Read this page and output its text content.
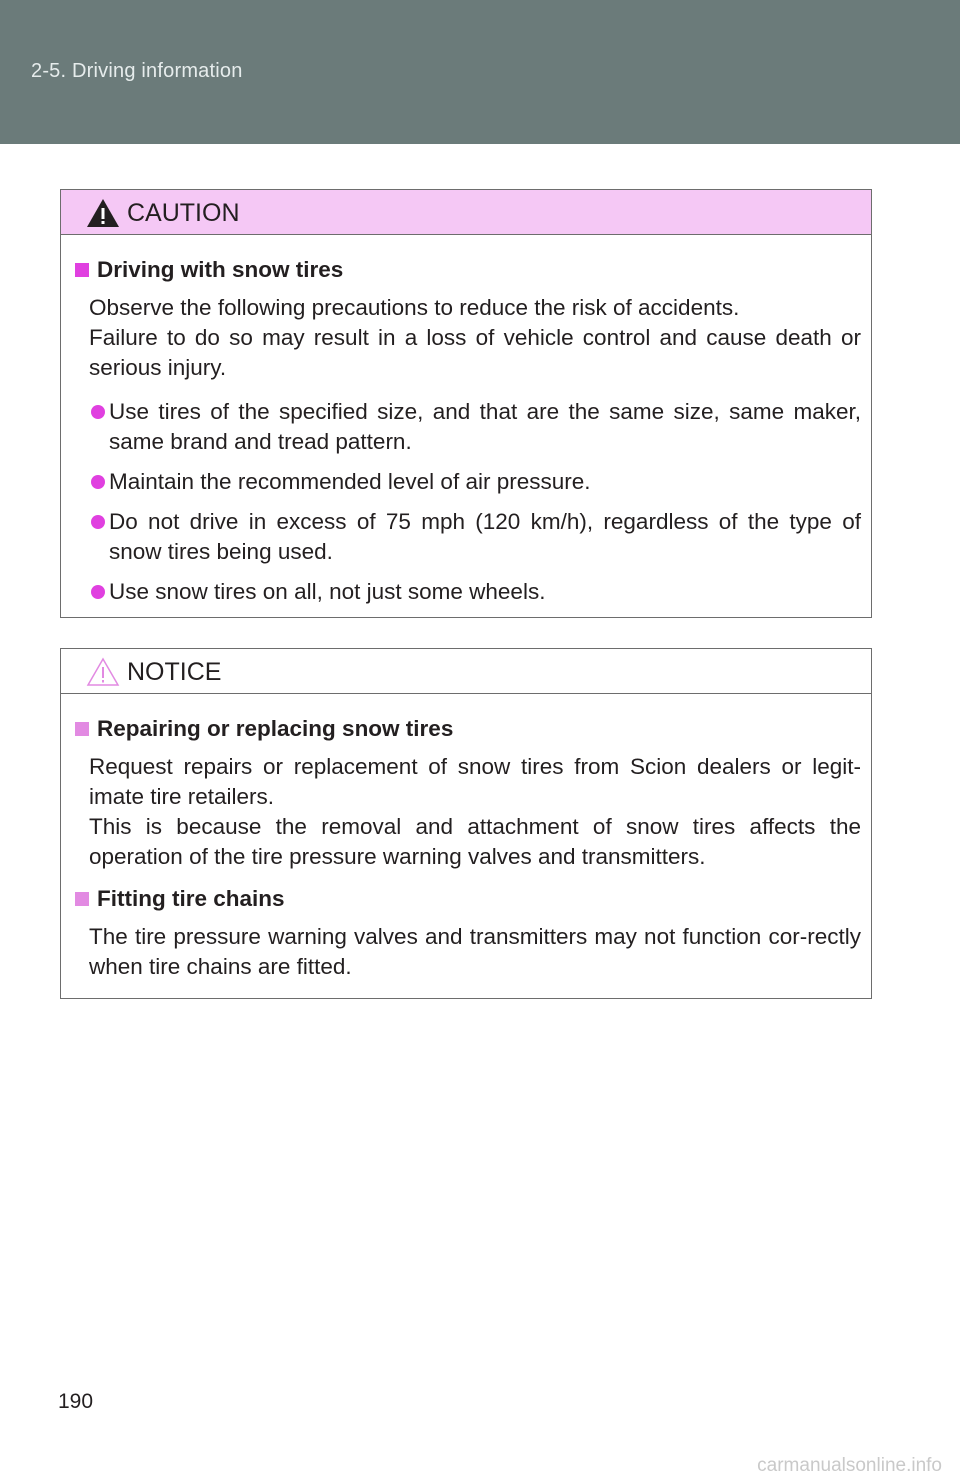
2-5. Driving information
CAUTION
Driving with snow tires
Observe the following precautions to reduce the risk of accidents.
Failure to do so may result in a loss of vehicle control and cause death or serious injury.
Use tires of the specified size, and that are the same size, same maker, same brand and tread pattern.
Maintain the recommended level of air pressure.
Do not drive in excess of 75 mph (120 km/h), regardless of the type of snow tires being used.
Use snow tires on all, not just some wheels.
NOTICE
Repairing or replacing snow tires
Request repairs or replacement of snow tires from Scion dealers or legit-imate tire retailers.
This is because the removal and attachment of snow tires affects the operation of the tire pressure warning valves and transmitters.
Fitting tire chains
The tire pressure warning valves and transmitters may not function cor-rectly when tire chains are fitted.
190
carmanualsonline.info
